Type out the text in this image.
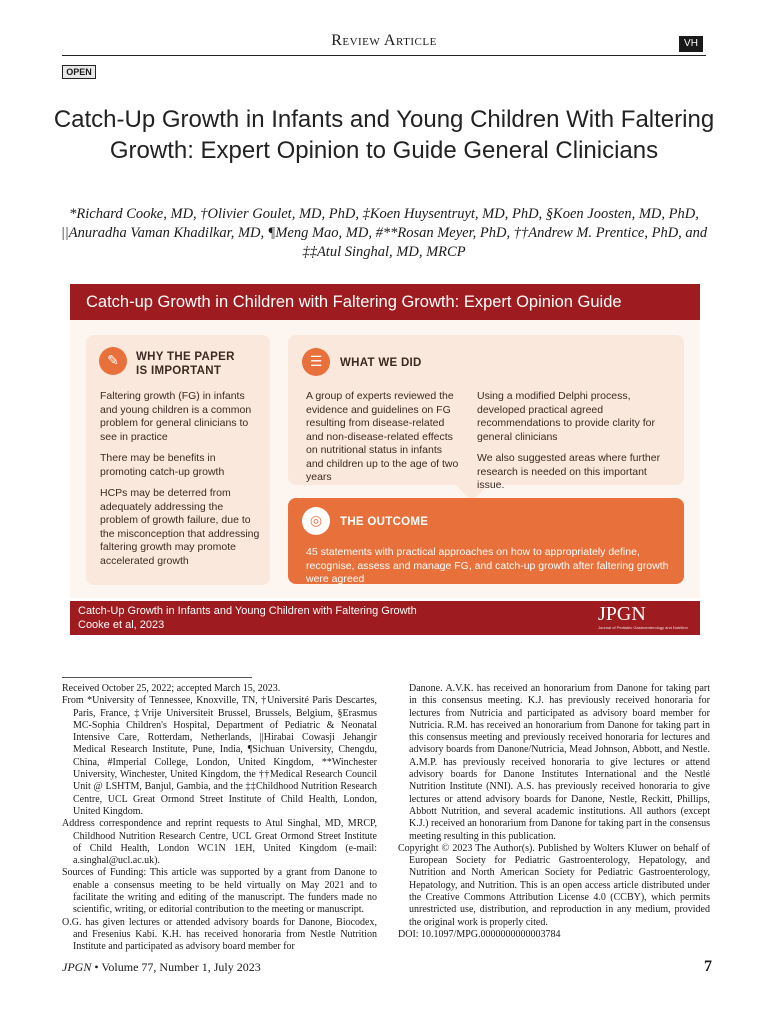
Review Article	VH
OPEN
Catch-Up Growth in Infants and Young Children With Faltering Growth: Expert Opinion to Guide General Clinicians
*Richard Cooke, MD, †Olivier Goulet, MD, PhD, ‡Koen Huysentruyt, MD, PhD, §Koen Joosten, MD, PhD, ||Anuradha Vaman Khadilkar, MD, ¶Meng Mao, MD, #**Rosan Meyer, PhD, ††Andrew M. Prentice, PhD, and ‡‡Atul Singhal, MD, MRCP
Catch-up Growth in Children with Faltering Growth: Expert Opinion Guide
✎	WHY THE PAPER
IS IMPORTANT

Faltering growth (FG) in infants and young children is a common problem for general clinicians to see in practice

There may be benefits in promoting catch-up growth

HCPs may be deterred from adequately addressing the problem of growth failure, due to the misconception that addressing faltering growth may promote accelerated growth

☰	WHAT WE DID
A group of experts reviewed the evidence and guidelines on FG resulting from disease-related and non-disease-related effects on nutritional status in infants and children up to the age of two years

Using a modified Delphi process, developed practical agreed recommendations to provide clarity for general clinicians

We also suggested areas where further research is needed on this important issue.

◎	THE OUTCOME
45 statements with practical approaches on how to appropriately define, recognise, assess and manage FG, and catch-up growth after faltering growth were agreed
Catch-Up Growth in Infants and Young Children with Faltering Growth
Cooke et al, 2023	JPGN
Journal of Pediatric Gastroenterology and Nutrition

Received October 25, 2022; accepted March 15, 2023.

From *University of Tennessee, Knoxville, TN, †Université Paris Descartes, Paris, France, ‡Vrije Universiteit Brussel, Brussels, Belgium, §Erasmus MC-Sophia Children's Hospital, Department of Pediatric & Neonatal Intensive Care, Rotterdam, Netherlands, ||Hirabai Cowasji Jehangir Medical Research Institute, Pune, India, ¶Sichuan University, Chengdu, China, #Imperial College, London, United Kingdom, **Winchester University, Winchester, United Kingdom, the ††Medical Research Council Unit @ LSHTM, Banjul, Gambia, and the ‡‡Childhood Nutrition Research Centre, UCL Great Ormond Street Institute of Child Health, London, United Kingdom.

Address correspondence and reprint requests to Atul Singhal, MD, MRCP, Childhood Nutrition Research Centre, UCL Great Ormond Street Institute of Child Health, London WC1N 1EH, United Kingdom (e-mail: a.singhal@ucl.ac.uk).

Sources of Funding: This article was supported by a grant from Danone to enable a consensus meeting to be held virtually on May 2021 and to facilitate the writing and editing of the manuscript. The funders made no scientific, writing, or editorial contribution to the meeting or manuscript.

O.G. has given lectures or attended advisory boards for Danone, Biocodex, and Fresenius Kabi. K.H. has received honoraria from Nestle Nutrition Institute and participated as advisory board member for

Danone. A.V.K. has received an honorarium from Danone for taking part in this consensus meeting. K.J. has previously received honoraria for lectures from Nutricia and participated as advisory board member for Nutricia. R.M. has received an honorarium from Danone for taking part in this consensus meeting and previously received honoraria for lectures and advisory boards from Danone/Nutricia, Mead Johnson, Abbott, and Nestle. A.M.P. has previously received honoraria to give lectures or attend advisory boards for Danone Institutes International and the Nestlé Nutrition Institute (NNI). A.S. has previously received honoraria to give lectures or attend advisory boards for Danone, Nestle, Reckitt, Phillips, Abbott Nutrition, and several academic institutions. All authors (except K.J.) received an honorarium from Danone for taking part in the consensus meeting resulting in this publication.

Copyright © 2023 The Author(s). Published by Wolters Kluwer on behalf of European Society for Pediatric Gastroenterology, Hepatology, and Nutrition and North American Society for Pediatric Gastroenterology, Hepatology, and Nutrition. This is an open access article distributed under the Creative Commons Attribution License 4.0 (CCBY), which permits unrestricted use, distribution, and reproduction in any medium, provided the original work is properly cited.

DOI: 10.1097/MPG.0000000000003784

JPGN • Volume 77, Number 1, July 2023	7
